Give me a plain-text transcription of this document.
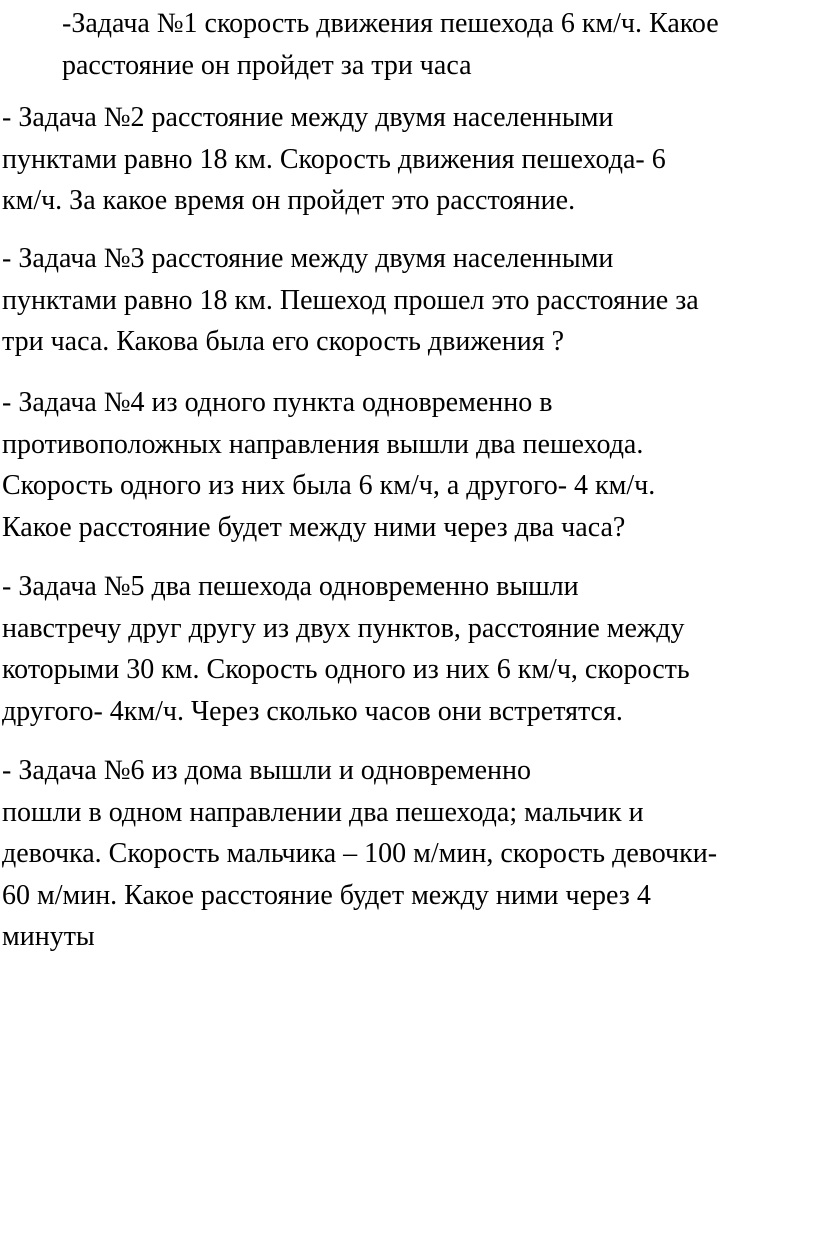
-Задача №1 скорость движения пешехода 6 км/ч. Какое
расстояние он пройдет за три часа

- Задача №2 расстояние между двумя населенными
пунктами равно 18 км. Скорость движения пешехода- 6
км/ч. За какое время он пройдет это расстояние.

- Задача №3 расстояние между двумя населенными
пунктами равно 18 км. Пешеход прошел это расстояние за
три часа. Какова была его скорость движения ?

- Задача №4 из одного пункта одновременно в
противоположных направления вышли два пешехода.
Скорость одного из них была 6 км/ч, а другого- 4 км/ч.
Какое расстояние будет между ними через два часа?

- Задача №5 два пешехода одновременно вышли
навстречу друг другу из двух пунктов, расстояние между
которыми 30 км. Скорость одного из них 6 км/ч, скорость
другого- 4км/ч. Через сколько часов они встретятся.

- Задача №6 из дома вышли и одновременно
пошли в одном направлении два пешехода; мальчик и
девочка. Скорость мальчика – 100 м/мин, скорость девочки-
60 м/мин. Какое расстояние будет между ними через 4
минуты
